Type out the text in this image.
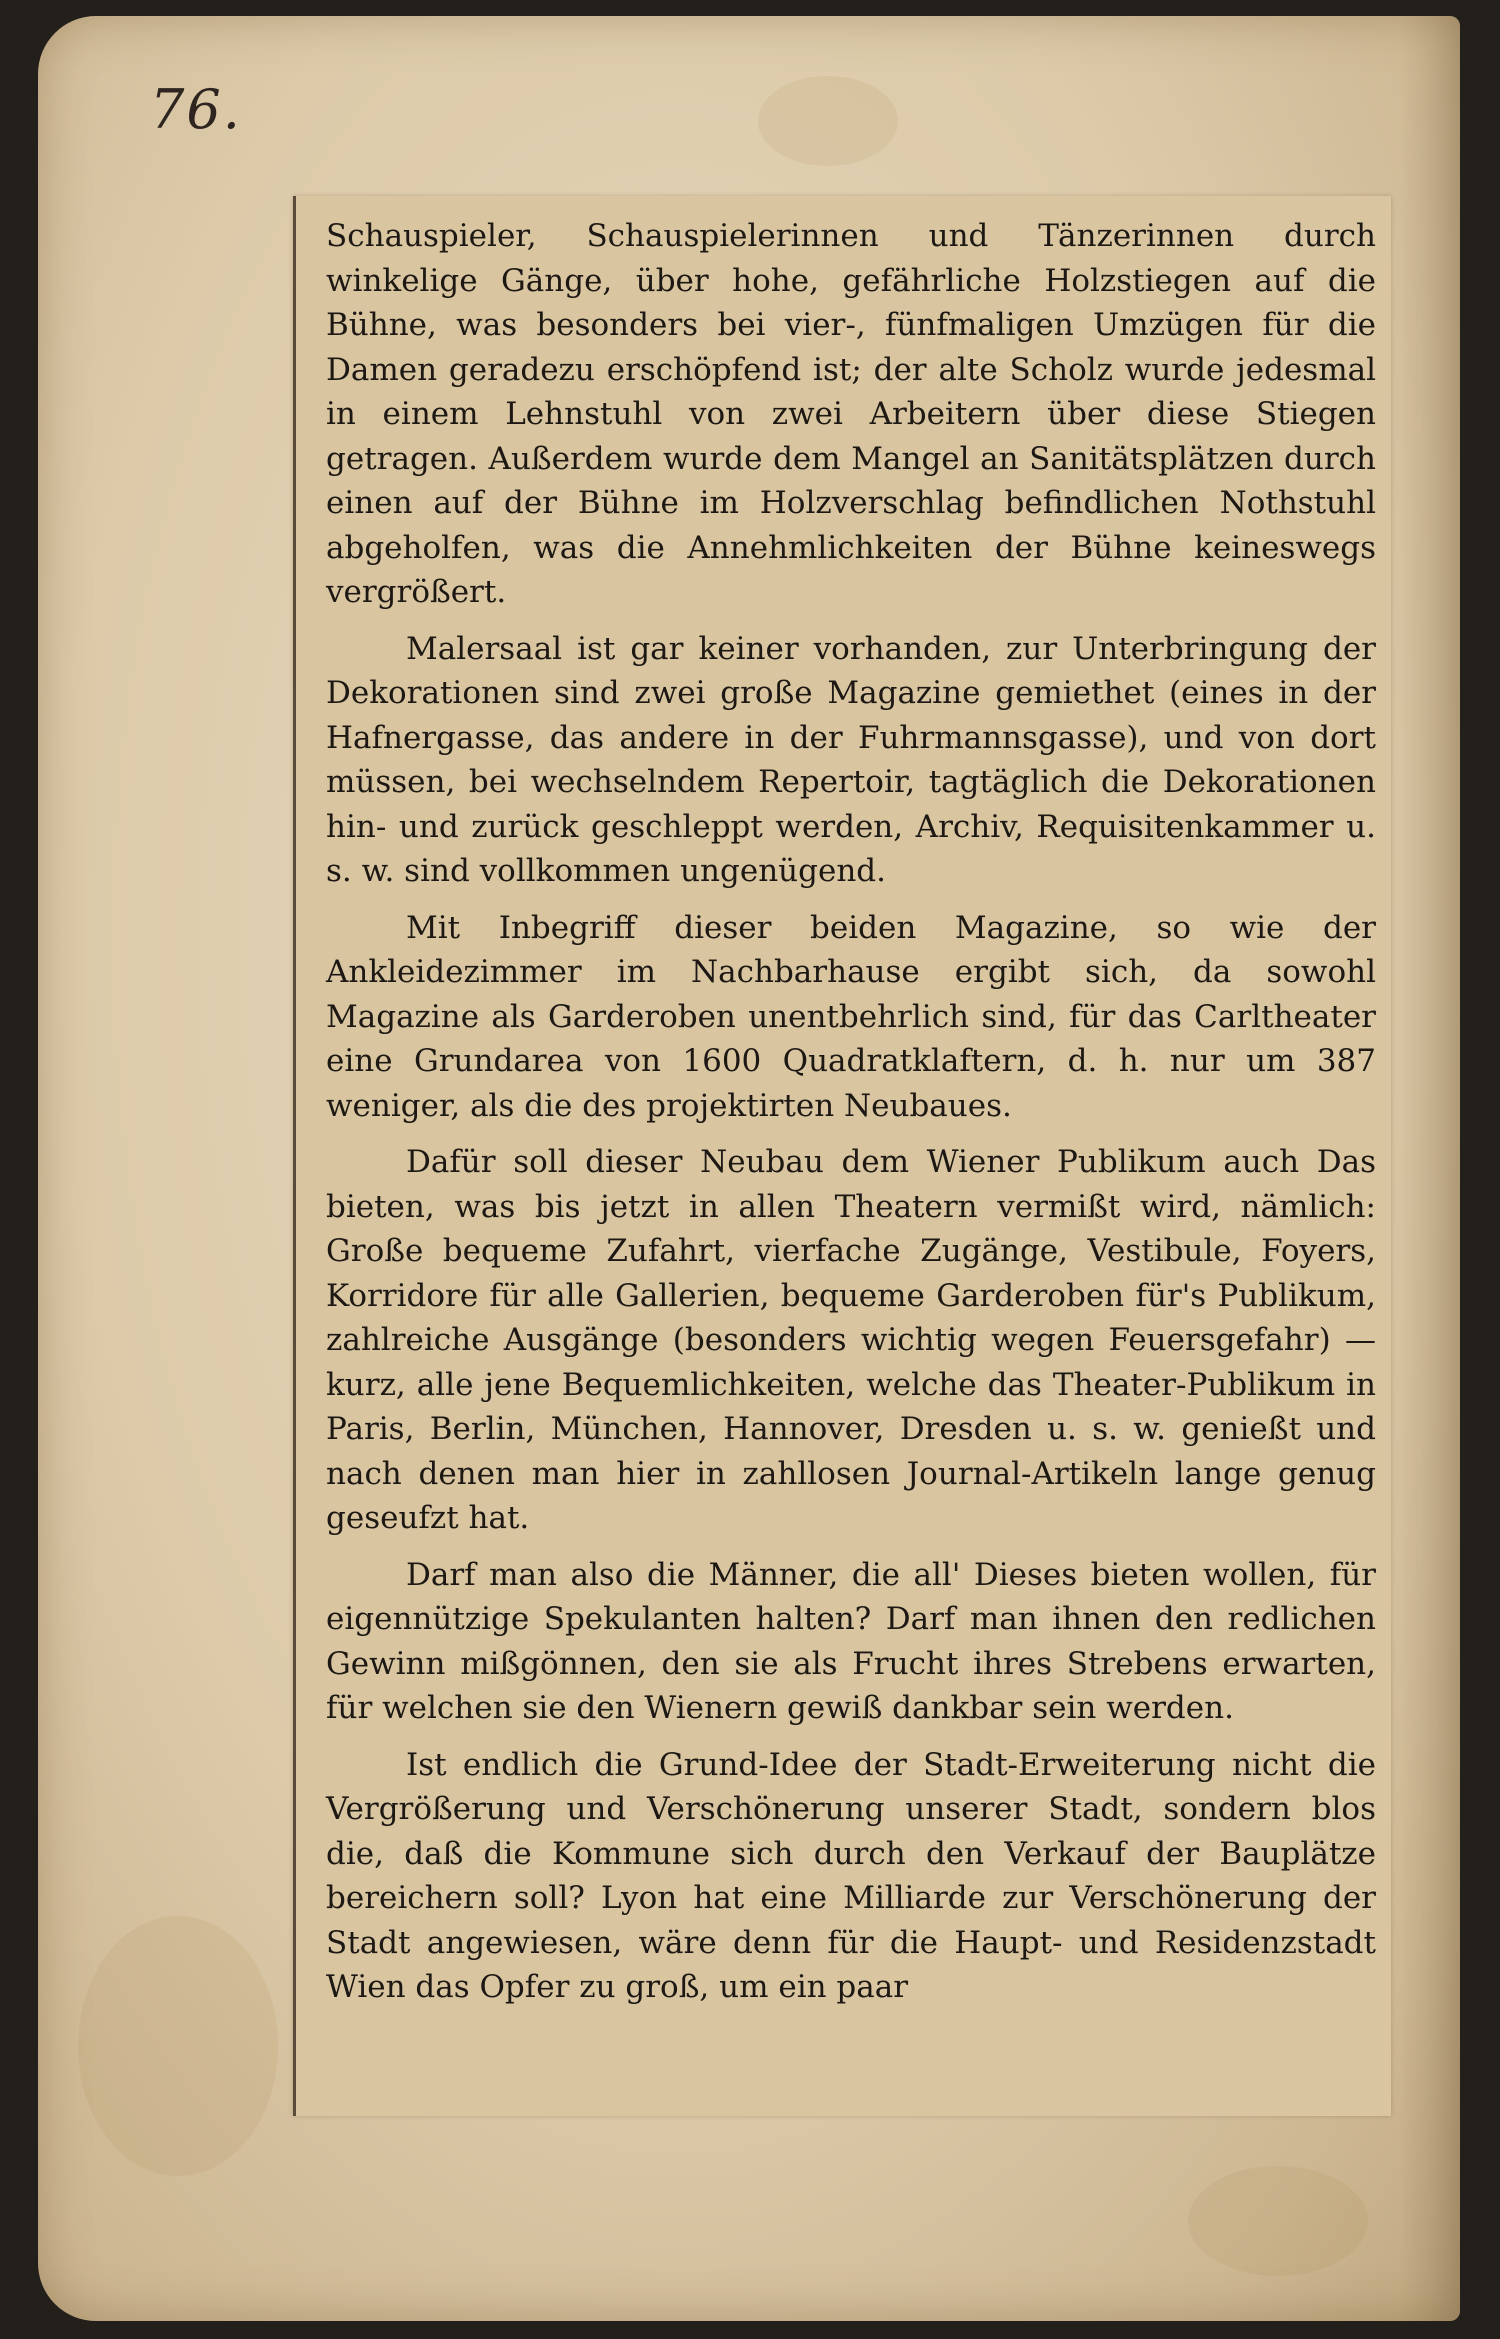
76.

Schauspieler, Schauspielerinnen und Tänzerinnen durch winkelige Gänge, über hohe, gefährliche Holzstiegen auf die Bühne, was besonders bei vier-, fünfmaligen Umzügen für die Damen geradezu erschöpfend ist; der alte Scholz wurde jedesmal in einem Lehnstuhl von zwei Arbeitern über diese Stiegen getragen. Außerdem wurde dem Mangel an Sanitätsplätzen durch einen auf der Bühne im Holzverschlag befindlichen Nothstuhl abgeholfen, was die Annehmlichkeiten der Bühne keineswegs vergrößert.

Malersaal ist gar keiner vorhanden, zur Unterbringung der Dekorationen sind zwei große Magazine gemiethet (eines in der Hafnergasse, das andere in der Fuhrmannsgasse), und von dort müssen, bei wechselndem Repertoir, tagtäglich die Dekorationen hin- und zurück geschleppt werden, Archiv, Requisitenkammer u. s. w. sind vollkommen ungenügend.

Mit Inbegriff dieser beiden Magazine, so wie der Ankleidezimmer im Nachbarhause ergibt sich, da sowohl Magazine als Garderoben unentbehrlich sind, für das Carltheater eine Grundarea von 1600 Quadratklaftern, d. h. nur um 387 weniger, als die des projektirten Neubaues.

Dafür soll dieser Neubau dem Wiener Publikum auch Das bieten, was bis jetzt in allen Theatern vermißt wird, nämlich: Große bequeme Zufahrt, vierfache Zugänge, Vestibule, Foyers, Korridore für alle Gallerien, bequeme Garderoben für's Publikum, zahlreiche Ausgänge (besonders wichtig wegen Feuersgefahr) — kurz, alle jene Bequemlichkeiten, welche das Theater-Publikum in Paris, Berlin, München, Hannover, Dresden u. s. w. genießt und nach denen man hier in zahllosen Journal-Artikeln lange genug geseufzt hat.

Darf man also die Männer, die all' Dieses bieten wollen, für eigennützige Spekulanten halten? Darf man ihnen den redlichen Gewinn mißgönnen, den sie als Frucht ihres Strebens erwarten, für welchen sie den Wienern gewiß dankbar sein werden.

Ist endlich die Grund-Idee der Stadt-Erweiterung nicht die Vergrößerung und Verschönerung unserer Stadt, sondern blos die, daß die Kommune sich durch den Verkauf der Bauplätze bereichern soll? Lyon hat eine Milliarde zur Verschönerung der Stadt angewiesen, wäre denn für die Haupt- und Residenzstadt Wien das Opfer zu groß, um ein paar
